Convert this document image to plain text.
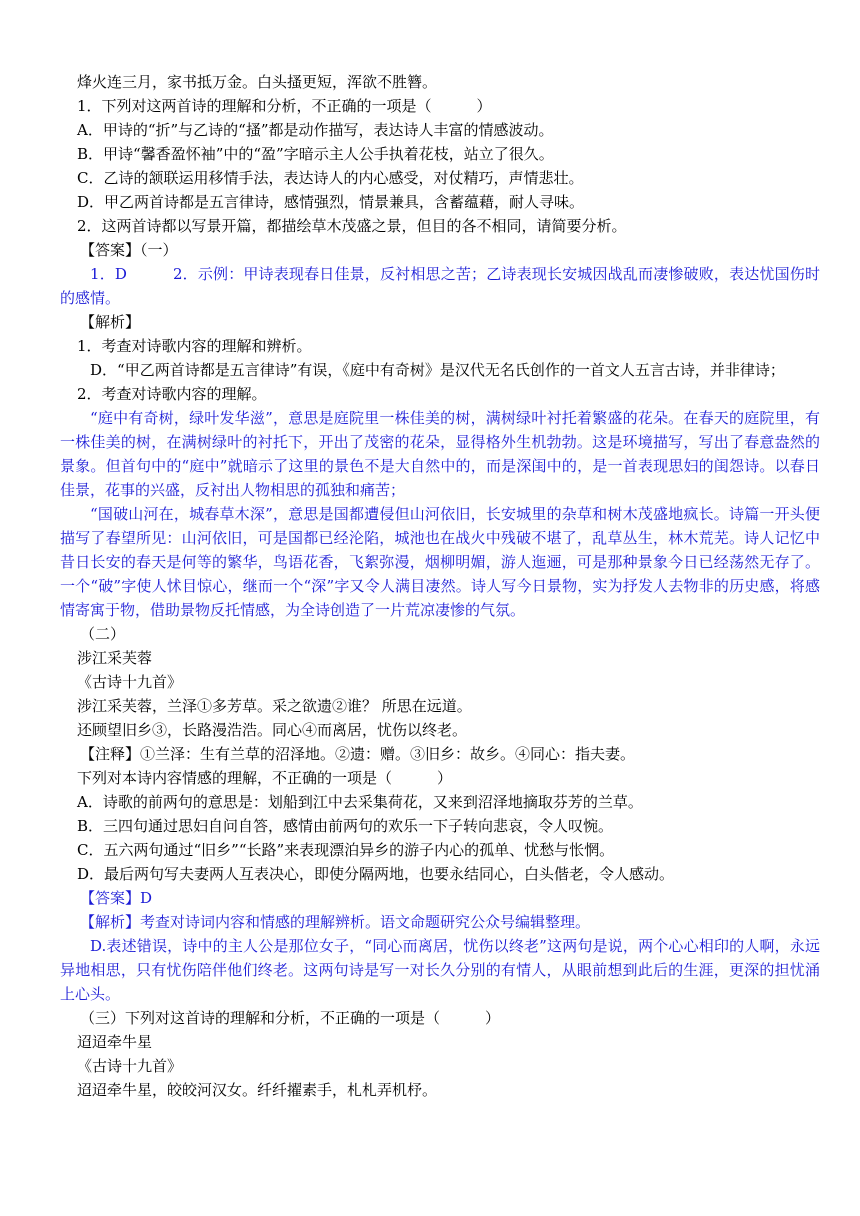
烽火连三月，家书抵万金。白头搔更短，浑欲不胜簪。
1．下列对这两首诗的理解和分析，不正确的一项是（　　　）
A．甲诗的“折”与乙诗的“搔”都是动作描写，表达诗人丰富的情感波动。
B．甲诗“馨香盈怀袖”中的“盈”字暗示主人公手执着花枝，站立了很久。
C．乙诗的颔联运用移情手法，表达诗人的内心感受，对仗精巧，声情悲壮。
D．甲乙两首诗都是五言律诗，感情强烈，情景兼具，含蓄蕴藉，耐人寻味。
2．这两首诗都以写景开篇，都描绘草木茂盛之景，但目的各不相同，请简要分析。
【答案】（一）
1．D	2．示例：甲诗表现春日佳景，反衬相思之苦；乙诗表现长安城因战乱而凄惨破败，表达忧国伤时的感情。
【解析】
1．考查对诗歌内容的理解和辨析。
D．“甲乙两首诗都是五言律诗”有误，《庭中有奇树》是汉代无名氏创作的一首文人五言古诗，并非律诗；
2．考查对诗歌内容的理解。
“庭中有奇树，绿叶发华滋”，意思是庭院里一株佳美的树，满树绿叶衬托着繁盛的花朵。在春天的庭院里，有一株佳美的树，在满树绿叶的衬托下，开出了茂密的花朵，显得格外生机勃勃。这是环境描写，写出了春意盎然的景象。但首句中的“庭中”就暗示了这里的景色不是大自然中的，而是深闺中的，是一首表现思妇的闺怨诗。以春日佳景，花事的兴盛，反衬出人物相思的孤独和痛苦；
“国破山河在，城春草木深”，意思是国都遭侵但山河依旧，长安城里的杂草和树木茂盛地疯长。诗篇一开头便描写了春望所见：山河依旧，可是国都已经沦陷，城池也在战火中残破不堪了，乱草丛生，林木荒芜。诗人记忆中昔日长安的春天是何等的繁华，鸟语花香，飞絮弥漫，烟柳明媚，游人迤逦，可是那种景象今日已经荡然无存了。一个“破”字使人怵目惊心，继而一个“深”字又令人满目凄然。诗人写今日景物，实为抒发人去物非的历史感，将感情寄寓于物，借助景物反托情感，为全诗创造了一片荒凉凄惨的气氛。
（二）
涉江采芙蓉
《古诗十九首》
涉江采芙蓉，兰泽①多芳草。采之欲遗②谁？ 所思在远道。
还顾望旧乡③，长路漫浩浩。同心④而离居，忧伤以终老。
【注释】①兰泽：生有兰草的沼泽地。②遗：赠。③旧乡：故乡。④同心：指夫妻。
下列对本诗内容情感的理解，不正确的一项是（　　　）
A．诗歌的前两句的意思是：划船到江中去采集荷花，又来到沼泽地摘取芬芳的兰草。
B．三四句通过思妇自问自答，感情由前两句的欢乐一下子转向悲哀，令人叹惋。
C．五六两句通过“旧乡”“长路”来表现漂泊异乡的游子内心的孤单、忧愁与怅惘。
D．最后两句写夫妻两人互表决心，即使分隔两地，也要永结同心，白头偕老，令人感动。
【答案】D
【解析】考查对诗词内容和情感的理解辨析。语文命题研究公众号编辑整理。
D.表述错误，诗中的主人公是那位女子，“同心而离居，忧伤以终老”这两句是说，两个心心相印的人啊，永远异地相思，只有忧伤陪伴他们终老。这两句诗是写一对长久分别的有情人，从眼前想到此后的生涯，更深的担忧涌上心头。
（三）下列对这首诗的理解和分析，不正确的一项是（　　　）
迢迢牵牛星
《古诗十九首》
迢迢牵牛星，皎皎河汉女。纤纤擢素手，札札弄机杼。
